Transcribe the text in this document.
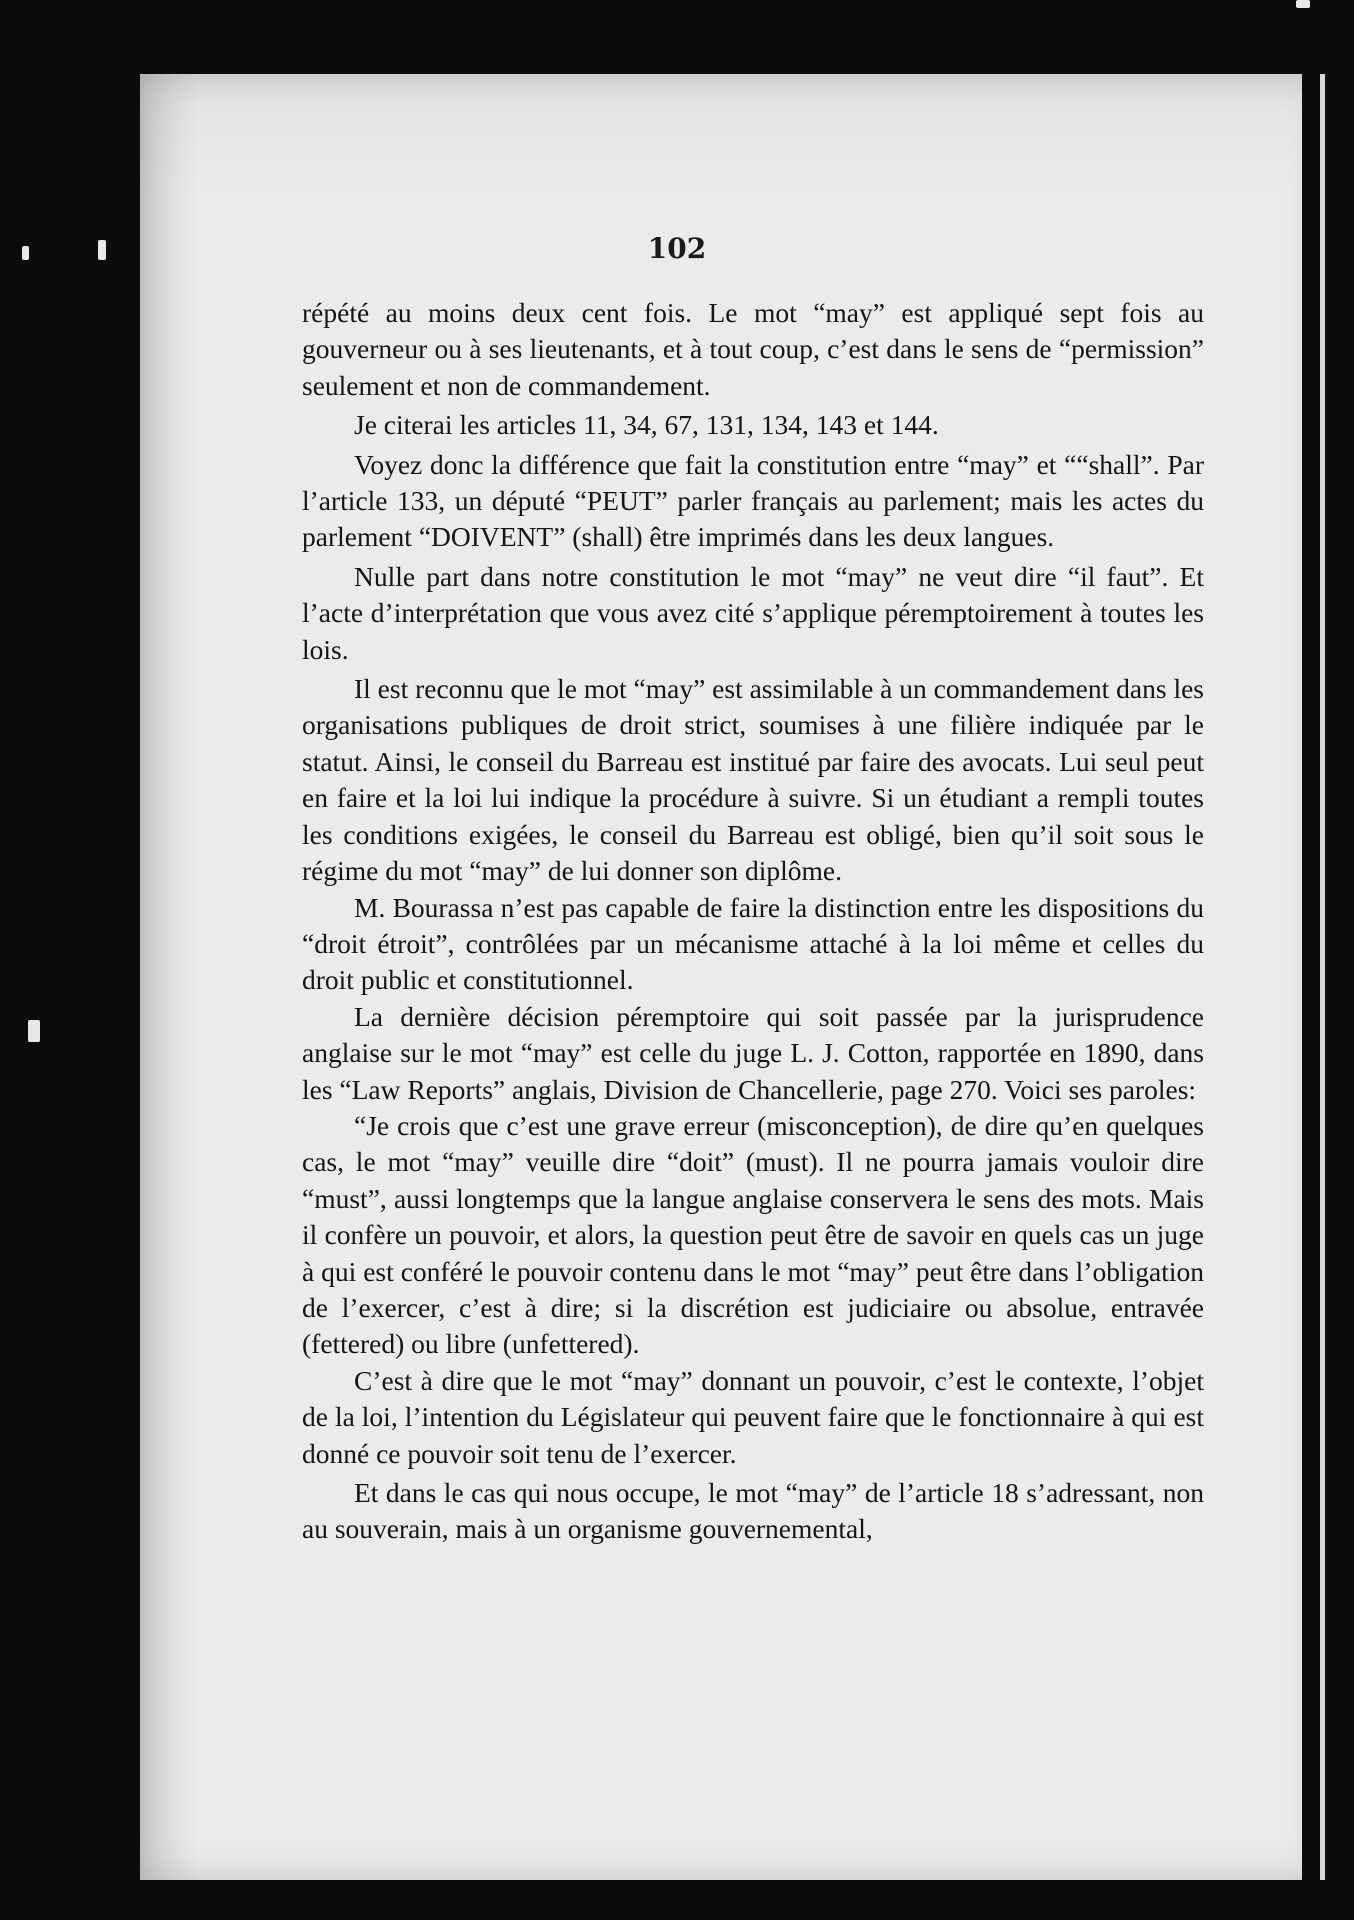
102

répété au moins deux cent fois. Le mot “may” est appliqué sept fois au gouverneur ou à ses lieutenants, et à tout coup, c’est dans le sens de “permission” seulement et non de commandement.

Je citerai les articles 11, 34, 67, 131, 134, 143 et 144.

Voyez donc la différence que fait la constitution entre “may” et ““shall”. Par l’article 133, un député “PEUT” parler français au parlement; mais les actes du parlement “DOIVENT” (shall) être imprimés dans les deux langues.

Nulle part dans notre constitution le mot “may” ne veut dire “il faut”. Et l’acte d’interprétation que vous avez cité s’applique péremptoirement à toutes les lois.

Il est reconnu que le mot “may” est assimilable à un commandement dans les organisations publiques de droit strict, soumises à une filière indiquée par le statut. Ainsi, le conseil du Barreau est institué par faire des avocats. Lui seul peut en faire et la loi lui indique la procédure à suivre. Si un étudiant a rempli toutes les conditions exigées, le conseil du Barreau est obligé, bien qu’il soit sous le régime du mot “may” de lui donner son diplôme.

M. Bourassa n’est pas capable de faire la distinction entre les dispositions du “droit étroit”, contrôlées par un mécanisme attaché à la loi même et celles du droit public et constitutionnel.

La dernière décision péremptoire qui soit passée par la jurisprudence anglaise sur le mot “may” est celle du juge L. J. Cotton, rapportée en 1890, dans les “Law Reports” anglais, Division de Chancellerie, page 270. Voici ses paroles:

“Je crois que c’est une grave erreur (misconception), de dire qu’en quelques cas, le mot “may” veuille dire “doit” (must). Il ne pourra jamais vouloir dire “must”, aussi longtemps que la langue anglaise conservera le sens des mots. Mais il confère un pouvoir, et alors, la question peut être de savoir en quels cas un juge à qui est conféré le pouvoir contenu dans le mot “may” peut être dans l’obligation de l’exercer, c’est à dire; si la discrétion est judiciaire ou absolue, entravée (fettered) ou libre (unfettered).

C’est à dire que le mot “may” donnant un pouvoir, c’est le contexte, l’objet de la loi, l’intention du Législateur qui peuvent faire que le fonctionnaire à qui est donné ce pouvoir soit tenu de l’exercer.

Et dans le cas qui nous occupe, le mot “may” de l’article 18 s’adressant, non au souverain, mais à un organisme gouvernemental,
